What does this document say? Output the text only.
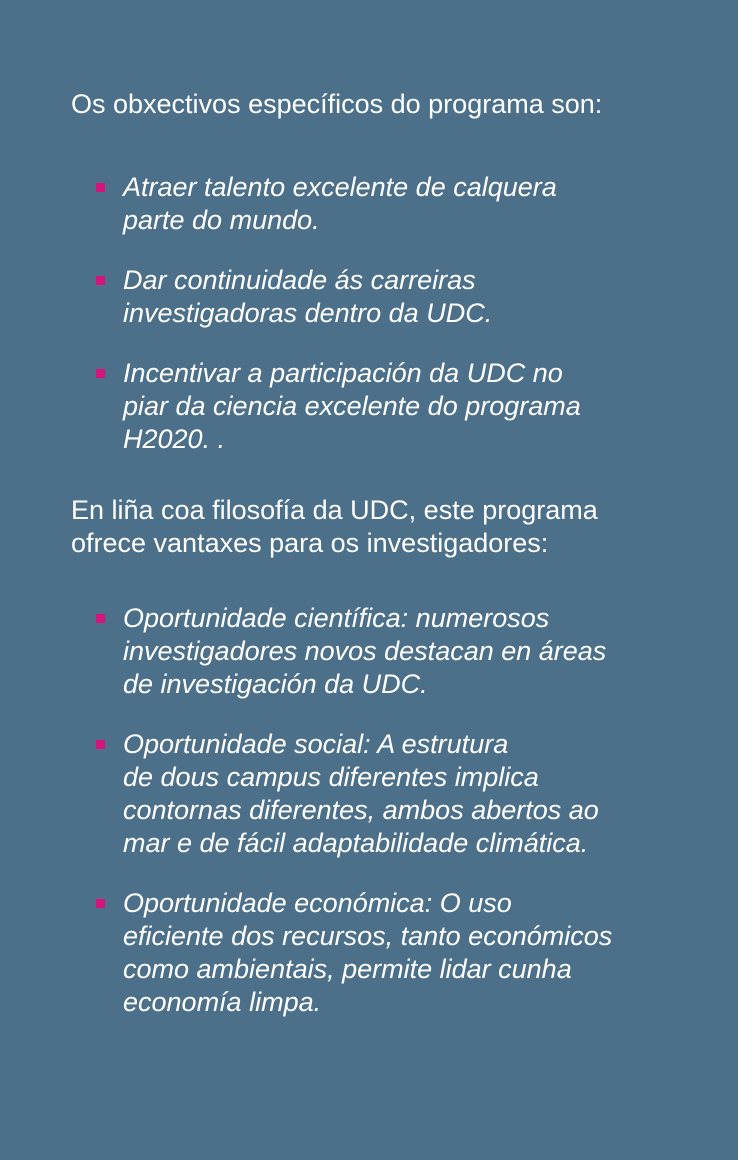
Os obxectivos específicos do programa son:

Atraer talento excelente de calquera
parte do mundo.
Dar continuidade ás carreiras
investigadoras dentro da UDC.
Incentivar a participación da UDC no
piar da ciencia excelente do programa
H2020. .

En liña coa filosofía da UDC, este programa
ofrece vantaxes para os investigadores:

Oportunidade científica: numerosos
investigadores novos destacan en áreas
de investigación da UDC.
Oportunidade social: A estrutura
de dous campus diferentes implica
contornas diferentes, ambos abertos ao
mar e de fácil adaptabilidade climática.
Oportunidade económica: O uso
eficiente dos recursos, tanto económicos
como ambientais, permite lidar cunha
economía limpa.
